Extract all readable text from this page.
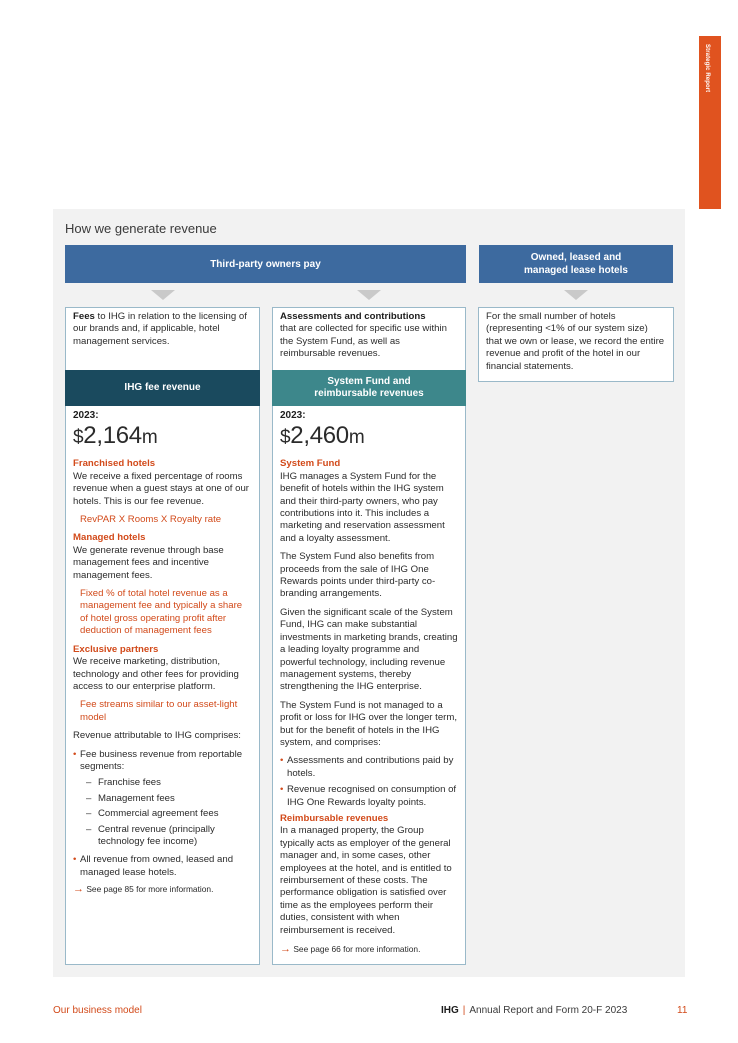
Strategic Report
How we generate revenue
Third-party owners pay
Owned, leased and managed lease hotels
Fees to IHG in relation to the licensing of our brands and, if applicable, hotel management services.
Assessments and contributions
that are collected for specific use within the System Fund, as well as reimbursable revenues.
For the small number of hotels (representing <1% of our system size) that we own or lease, we record the entire revenue and profit of the hotel in our financial statements.
IHG fee revenue
2023:
$2,164m
Franchised hotels
We receive a fixed percentage of rooms revenue when a guest stays at one of our hotels. This is our fee revenue.
RevPAR X Rooms X Royalty rate
Managed hotels
We generate revenue through base management fees and incentive management fees.
Fixed % of total hotel revenue as a management fee and typically a share of hotel gross operating profit after deduction of management fees
Exclusive partners
We receive marketing, distribution, technology and other fees for providing access to our enterprise platform.
Fee streams similar to our asset-light model
Revenue attributable to IHG comprises:
• Fee business revenue from reportable segments:
– Franchise fees
– Management fees
– Commercial agreement fees
– Central revenue (principally technology fee income)
• All revenue from owned, leased and managed lease hotels.
→ See page 85 for more information.
System Fund and reimbursable revenues
2023:
$2,460m
System Fund
IHG manages a System Fund for the benefit of hotels within the IHG system and their third-party owners, who pay contributions into it. This includes a marketing and reservation assessment and a loyalty assessment.
The System Fund also benefits from proceeds from the sale of IHG One Rewards points under third-party co-branding arrangements.
Given the significant scale of the System Fund, IHG can make substantial investments in marketing brands, creating a leading loyalty programme and powerful technology, including revenue management systems, thereby strengthening the IHG enterprise.
The System Fund is not managed to a profit or loss for IHG over the longer term, but for the benefit of hotels in the IHG system, and comprises:
• Assessments and contributions paid by hotels.
• Revenue recognised on consumption of IHG One Rewards loyalty points.
Reimbursable revenues
In a managed property, the Group typically acts as employer of the general manager and, in some cases, other employees at the hotel, and is entitled to reimbursement of these costs. The performance obligation is satisfied over time as the employees perform their duties, consistent with when reimbursement is received.
→ See page 66 for more information.
Our business model	IHG | Annual Report and Form 20-F 2023	11
